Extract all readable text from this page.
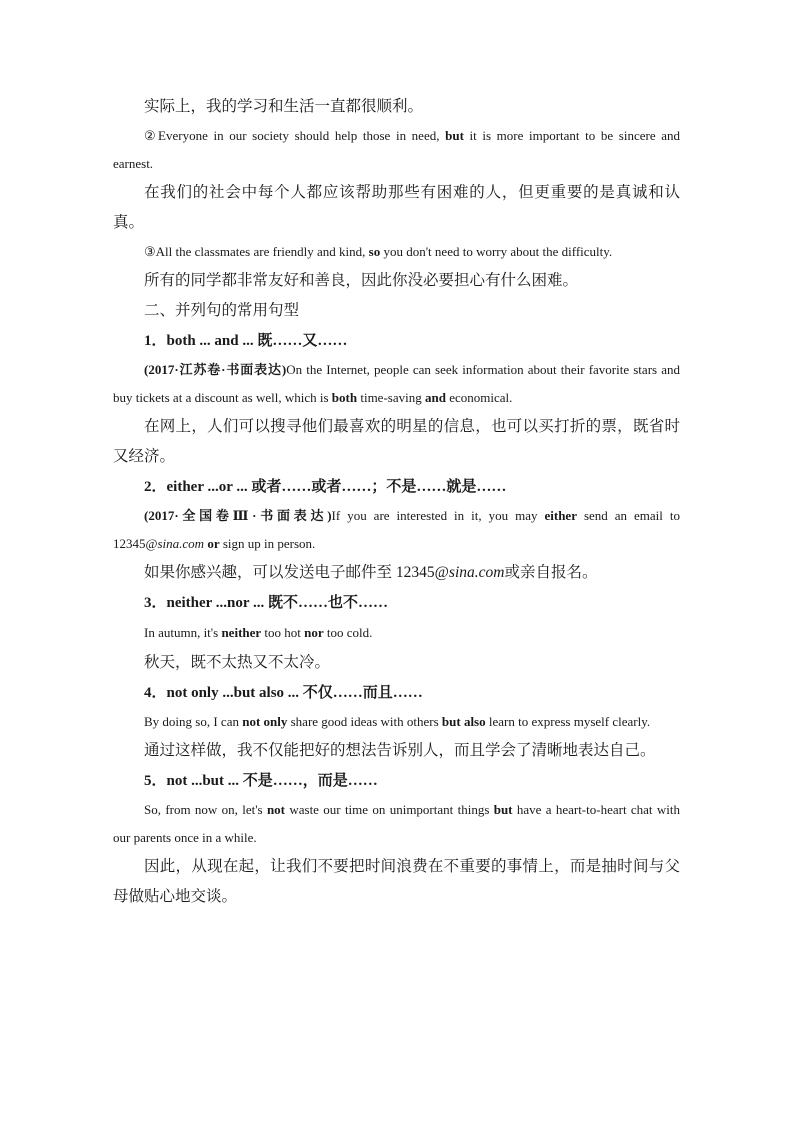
实际上，我的学习和生活一直都很顺利。

②Everyone in our society should help those in need, but it is more important to be sincere and earnest.

在我们的社会中每个人都应该帮助那些有困难的人，但更重要的是真诚和认真。

③All the classmates are friendly and kind, so you don't need to worry about the difficulty.

所有的同学都非常友好和善良，因此你没必要担心有什么困难。

二、并列句的常用句型

1．both ... and ... 既……又……

(2017·江苏卷·书面表达)On the Internet, people can seek information about their favorite stars and buy tickets at a discount as well, which is both time-saving and economical.

在网上，人们可以搜寻他们最喜欢的明星的信息，也可以买打折的票，既省时又经济。

2．either ...or ... 或者……或者……；不是……就是……

(2017·全国卷Ⅲ·书面表达)If you are interested in it, you may either send an email to 12345@sina.com or sign up in person.

如果你感兴趣，可以发送电子邮件至 12345@sina.com或亲自报名。

3．neither ...nor ... 既不……也不……

In autumn, it's neither too hot nor too cold.

秋天，既不太热又不太冷。

4．not only ...but also ... 不仅……而且……

By doing so, I can not only share good ideas with others but also learn to express myself clearly.

通过这样做，我不仅能把好的想法告诉别人，而且学会了清晰地表达自己。

5．not ...but ... 不是……，而是……

So, from now on, let's not waste our time on unimportant things but have a heart-to-heart chat with our parents once in a while.

因此，从现在起，让我们不要把时间浪费在不重要的事情上，而是抽时间与父母做贴心地交谈。
